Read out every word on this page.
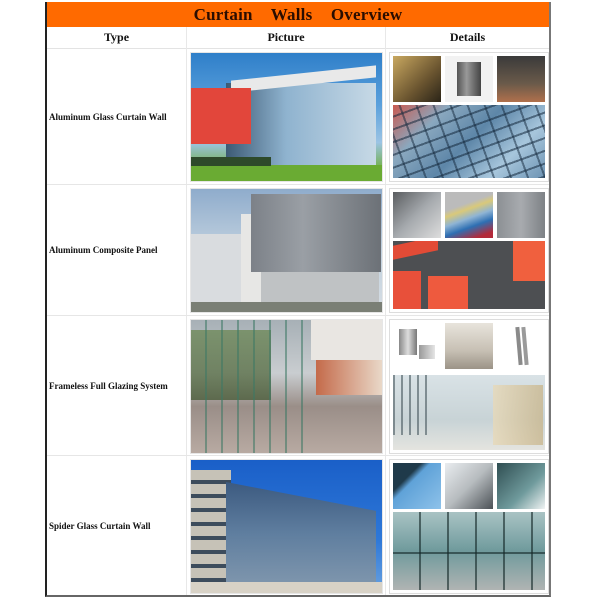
Curtain Walls Overview
Type	Picture	Details
Aluminum Glass Curtain Wall
Aluminum Composite Panel
Frameless Full Glazing System
Spider Glass Curtain Wall
